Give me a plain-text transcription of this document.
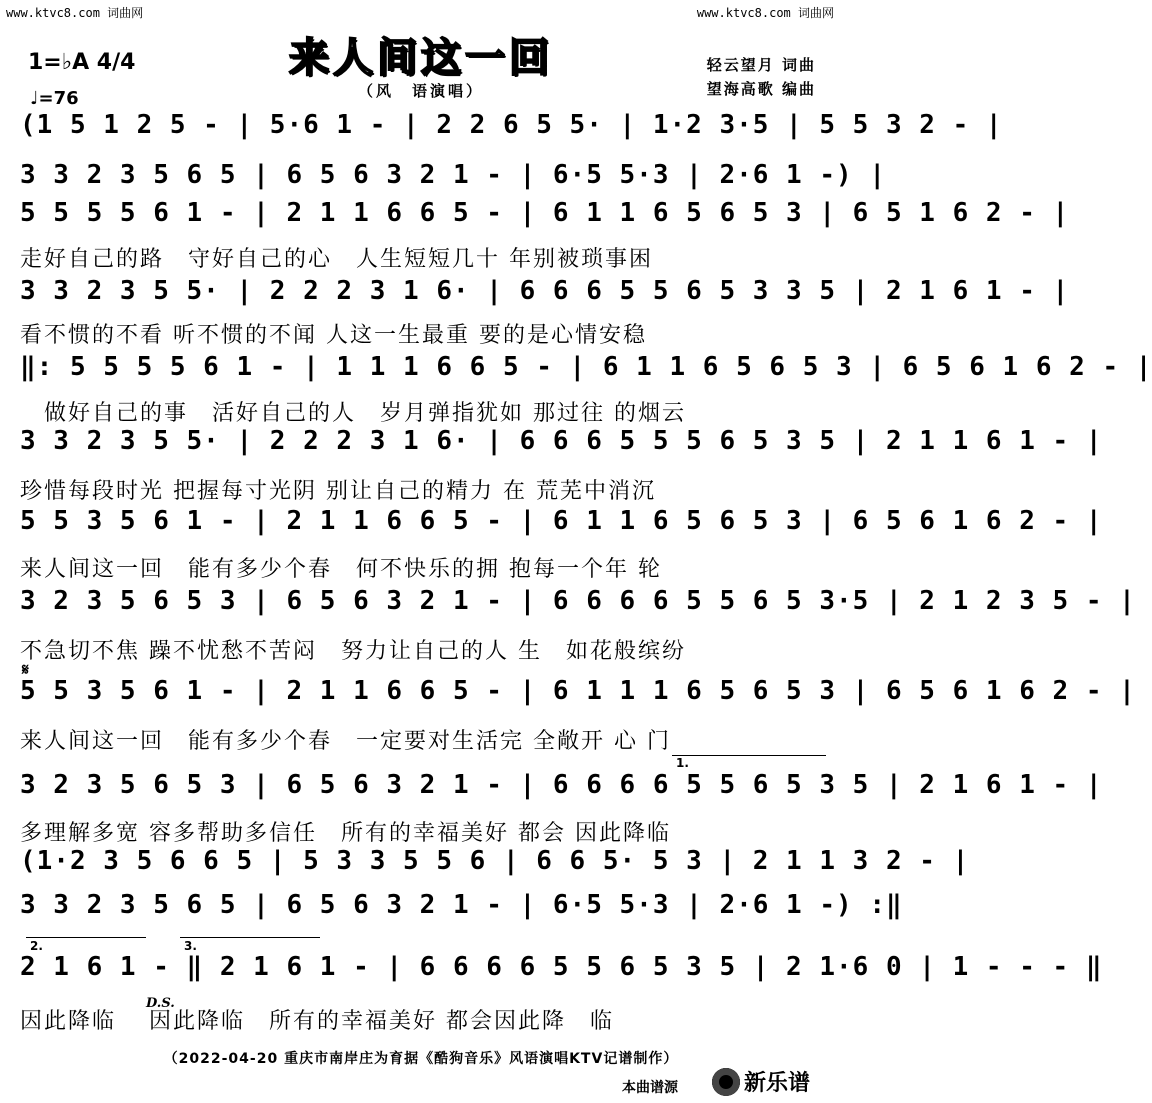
www.ktvc8.com 词曲网	www.ktvc8.com 词曲网
来人间这一回
（风　语演唱）
1=♭A 4/4
♩=76
轻云望月 词曲
望海高歌 编曲
(1 5 1 2 5 - | 5·6 1 - | 2 2 6 5 5· | 1·2 3·5 | 5 5 3 2 - |
3 3 2 3 5 6 5 | 6 5 6 3 2 1 - | 6·5 5·3 | 2·6 1 -) |
5 5 5 5 6 1 - | 2 1 1 6 6 5 - | 6 1 1 6 5 6 5 3 | 6 5 1 6 2 - |
走好自己的路　守好自己的心　人生短短几十 年别被琐事困
3 3 2 3 5 5· | 2 2 2 3 1 6· | 6 6 6 5 5 6 5 3 3 5 | 2 1 6 1 - |
看不惯的不看 听不惯的不闻 人这一生最重 要的是心情安稳
‖: 5 5 5 5 6 1 - | 1 1 1 6 6 5 - | 6 1 1 6 5 6 5 3 | 6 5 6 1 6 2 - |
　做好自己的事　活好自己的人　岁月弹指犹如 那过往 的烟云
3 3 2 3 5 5· | 2 2 2 3 1 6· | 6 6 6 5 5 5 6 5 3 5 | 2 1 1 6 1 - |
珍惜每段时光 把握每寸光阴 别让自己的精力 在 荒芜中消沉
5 5 3 5 6 1 - | 2 1 1 6 6 5 - | 6 1 1 6 5 6 5 3 | 6 5 6 1 6 2 - |
来人间这一回　能有多少个春　何不快乐的拥 抱每一个年 轮
3 2 3 5 6 5 3 | 6 5 6 3 2 1 - | 6 6 6 6 5 5 6 5 3·5 | 2 1 2 3 5 - |
不急切不焦 躁不忧愁不苦闷　努力让自己的人 生　如花般缤纷
𝄋
5 5 3 5 6 1 - | 2 1 1 6 6 5 - | 6 1 1 1 6 5 6 5 3 | 6 5 6 1 6 2 - |
来人间这一回　能有多少个春　一定要对生活完 全敞开 心 门
1.
3 2 3 5 6 5 3 | 6 5 6 3 2 1 - | 6 6 6 6 5 5 6 5 3 5 | 2 1 6 1 - |
多理解多宽 容多帮助多信任　所有的幸福美好 都会 因此降临
(1·2 3 5 6 6 5 | 5 3 3 5 5 6 | 6 6 5· 5 3 | 2 1 1 3 2 - |
3 3 2 3 5 6 5 | 6 5 6 3 2 1 - | 6·5 5·3 | 2·6 1 -) :‖
2.	3.
2 1 6 1 - ‖ 2 1 6 1 - | 6 6 6 6 5 5 6 5 3 5 | 2 1·6 0 | 1 - - - ‖
D.S.
因此降临　 因此降临　所有的幸福美好 都会因此降　临
（2022-04-20 重庆市南岸庄为育据《酷狗音乐》风语演唱KTV记谱制作）
本曲谱源	新乐谱
